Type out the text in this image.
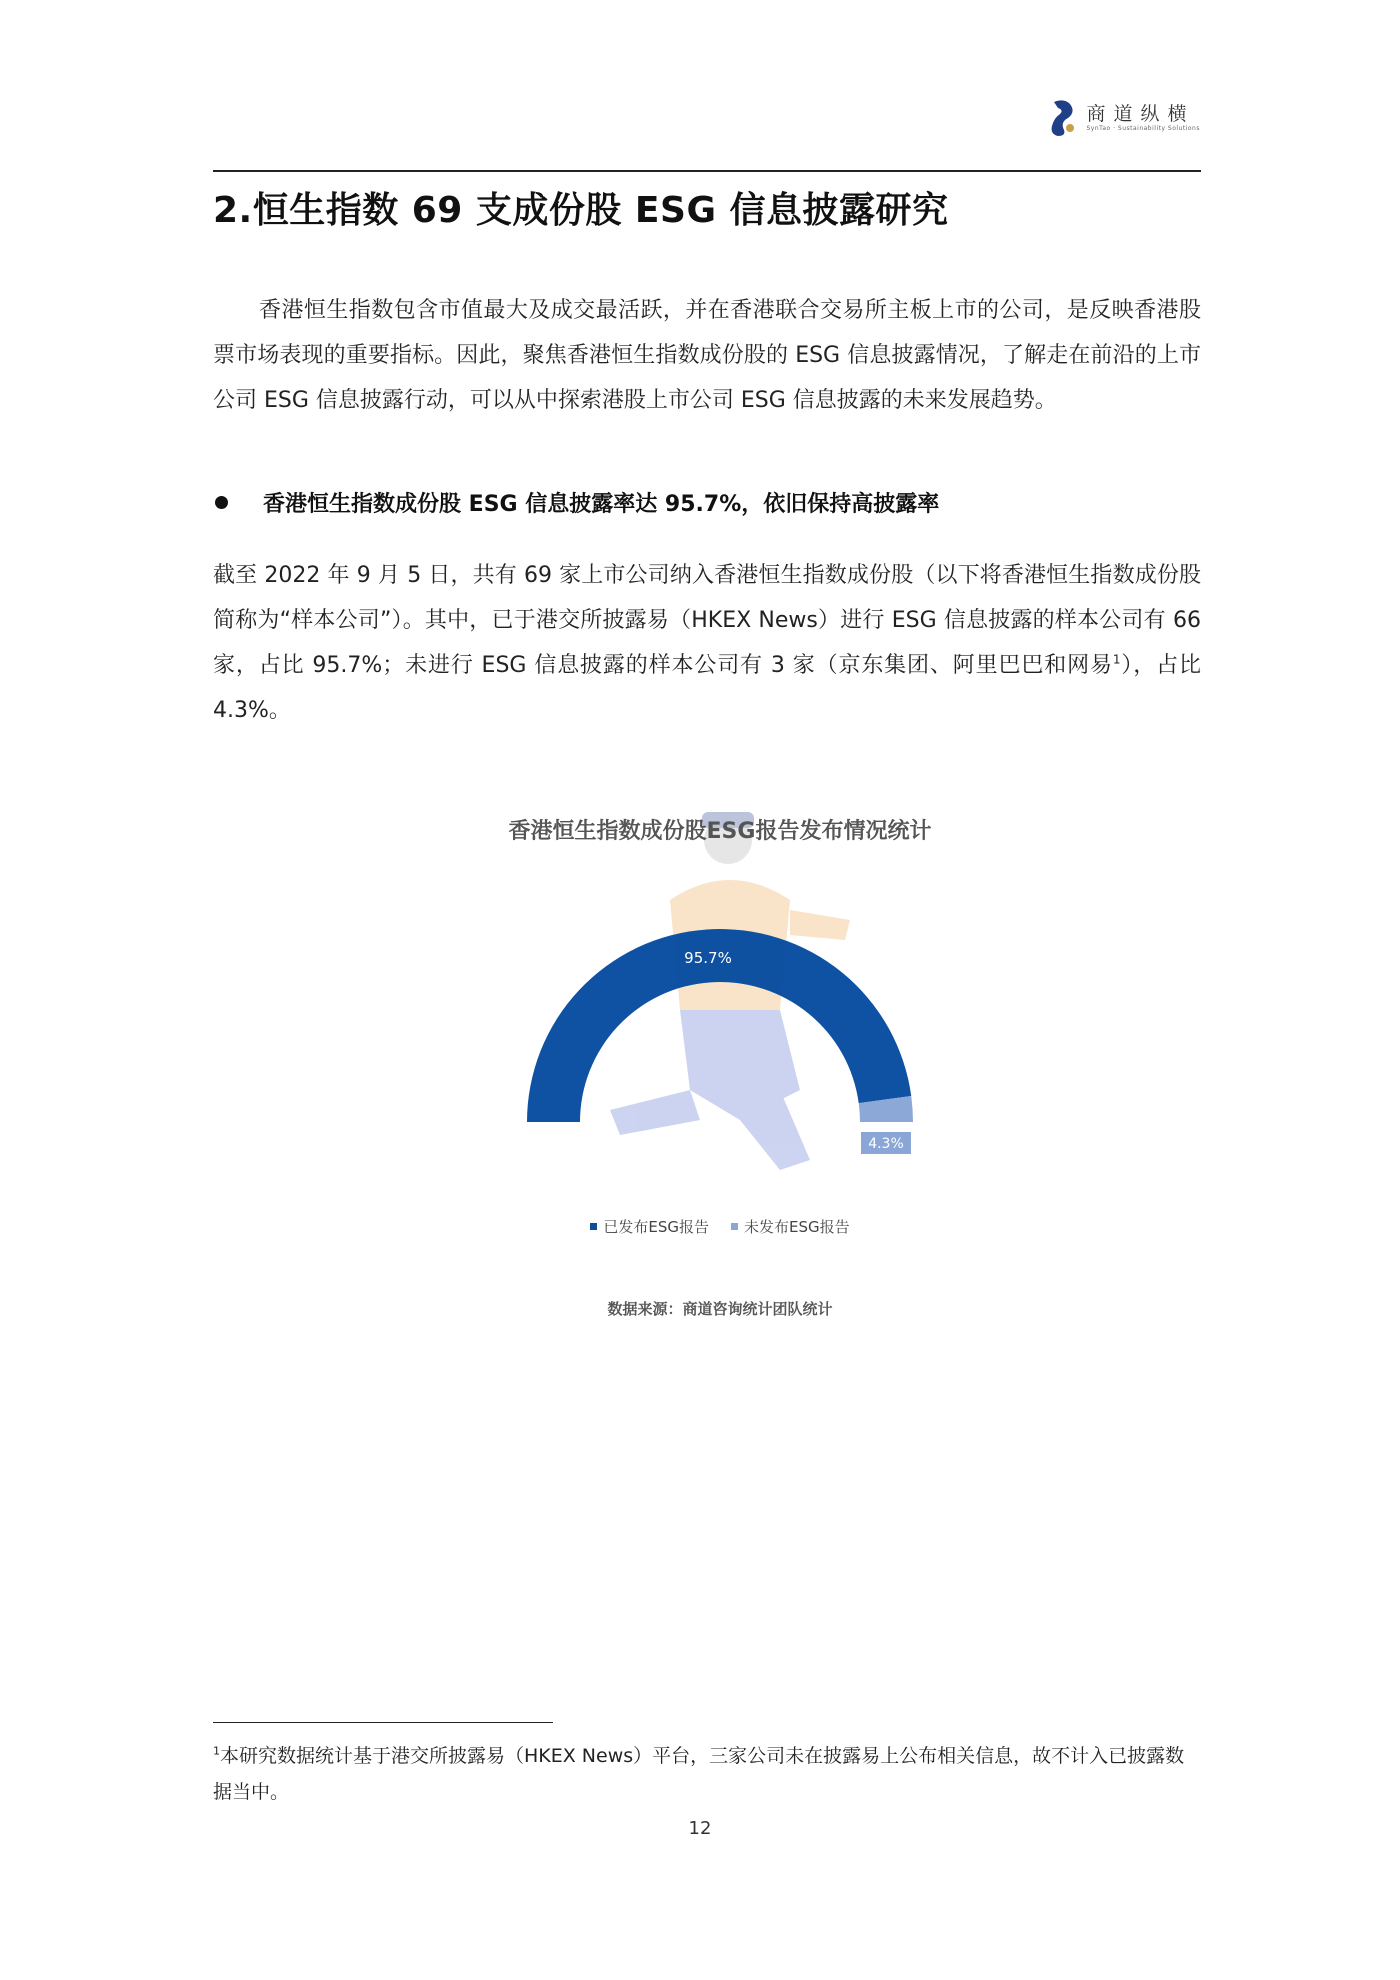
商道纵横
SynTao · Sustainability Solutions
2.恒生指数 69 支成份股 ESG 信息披露研究

香港恒生指数包含市值最大及成交最活跃，并在香港联合交易所主板上市的公司，是反映香港股票市场表现的重要指标。因此，聚焦香港恒生指数成份股的 ESG 信息披露情况，了解走在前沿的上市公司 ESG 信息披露行动，可以从中探索港股上市公司 ESG 信息披露的未来发展趋势。

香港恒生指数成份股 ESG 信息披露率达 95.7%，依旧保持高披露率

截至 2022 年 9 月 5 日，共有 69 家上市公司纳入香港恒生指数成份股（以下将香港恒生指数成份股简称为“样本公司”）。其中，已于港交所披露易（HKEX News）进行 ESG 信息披露的样本公司有 66 家，占比 95.7%；未进行 ESG 信息披露的样本公司有 3 家（京东集团、阿里巴巴和网易$^1$），占比 4.3%。

95.7%
4.3%
香港恒生指数成份股ESG报告发布情况统计
已发布ESG报告 未发布ESG报告
数据来源：商道咨询统计团队统计

$^1$本研究数据统计基于港交所披露易（HKEX News）平台，三家公司未在披露易上公布相关信息，故不计入已披露数据当中。

12
